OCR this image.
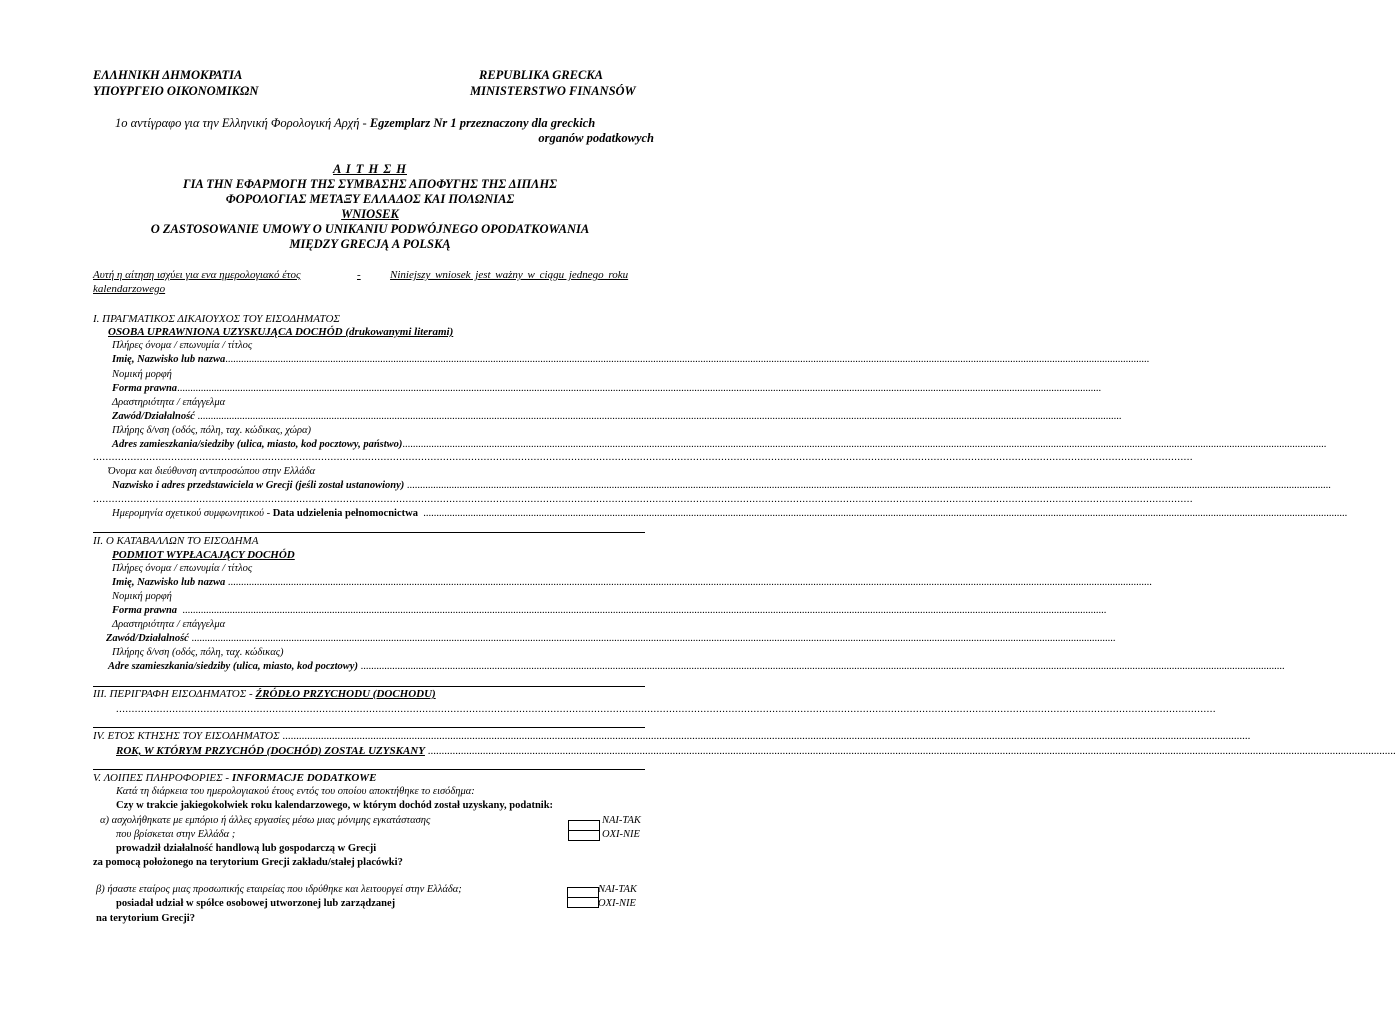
ΕΛΛΗΝΙΚΗ ΔΗΜΟΚΡΑΤΙΑ
ΥΠΟΥΡΓΕΙΟ ΟΙΚΟΝΟΜΙΚΩΝ
REPUBLIKA GRECKA
MINISTERSTWO FINANSÓW
1ο αντίγραφο για την Ελληνική Φορολογική Αρχή - Egzemplarz Nr 1 przeznaczony dla greckich
organów podatkowych
Α Ι Τ Η Σ Η
ΓΙΑ ΤΗΝ ΕΦΑΡΜΟΓΗ ΤΗΣ ΣΥΜΒΑΣΗΣ ΑΠΟΦΥΓΗΣ ΤΗΣ ΔΙΠΛΗΣ
ΦΟΡΟΛΟΓΙΑΣ ΜΕΤΑΞΥ ΕΛΛΑΔΟΣ ΚΑΙ ΠΟΛΩΝΙΑΣ
WNIOSEK
O ZASTOSOWANIE UMOWY O UNIKANIU PODWÓJNEGO OPODATKOWANIA
MIĘDZY GRECJĄ A POLSKĄ
Αυτή η αίτηση ισχύει για ενα ημερολογιακό έτος	-	Niniejszy wniosek jest ważny w ciągu jednego roku
kalendarzowego
I. ΠΡΑΓΜΑΤΙΚΟΣ ΔΙΚΑΙΟΥΧΟΣ ΤΟΥ ΕΙΣΟΔΗΜΑΤΟΣ
OSOBA UPRAWNIONA UZYSKUJĄCA DOCHÓD (drukowanymi literami)
Πλήρες όνομα / επωνυμία / τίτλος
Imię, Nazwisko lub nazwa................................................................................................................................................................................................................................................................................................................................................................
Νομική μορφή
Forma prawna................................................................................................................................................................................................................................................................................................................................................................
Δραστηριότητα / επάγγελμα
Zawód/Działalność ................................................................................................................................................................................................................................................................................................................................................................
Πλήρης δ/νση (οδός, πόλη, ταχ. κώδικας, χώρα)
Adres zamieszkania/siedziby (ulica, miasto, kod pocztowy, państwo)................................................................................................................................................................................................................................................................................................................................................................
................................................................................................................................................................................................................................................................................................................................................................
Όνομα και διεύθυνση αντιπροσώπου στην Ελλάδα
Nazwisko i adres przedstawiciela w Grecji (jeśli został ustanowiony) ................................................................................................................................................................................................................................................................................................................................................................
................................................................................................................................................................................................................................................................................................................................................................
Ημερομηνία σχετικού συμφωνητικού - Data udzielenia pełnomocnictwa ................................................................................................................................................................................................................................................................................................................................................................
II. Ο ΚΑΤΑΒΑΛΛΩΝ ΤΟ ΕΙΣΟΔΗΜΑ
PODMIOT WYPŁACAJĄCY DOCHÓD
Πλήρες όνομα / επωνυμία / τίτλος
Imię, Nazwisko lub nazwa ................................................................................................................................................................................................................................................................................................................................................................
Νομική μορφή
Forma prawna ................................................................................................................................................................................................................................................................................................................................................................
Δραστηριότητα / επάγγελμα
Zawód/Działalność ................................................................................................................................................................................................................................................................................................................................................................
Πλήρης δ/νση (οδός, πόλη, ταχ. κώδικας)
Adre szamieszkania/siedziby (ulica, miasto, kod pocztowy) ................................................................................................................................................................................................................................................................................................................................................................
III. ΠΕΡΙΓΡΑΦΗ ΕΙΣΟΔΗΜΑΤΟΣ - ŹRÓDŁO PRZYCHODU (DOCHODU)
................................................................................................................................................................................................................................................................................................................................................................
IV. ΕΤΟΣ ΚΤΗΣΗΣ ΤΟΥ ΕΙΣΟΔΗΜΑΤΟΣ ................................................................................................................................................................................................................................................................................................................................................................
ROK, W KTÓRYM PRZYCHÓD (DOCHÓD) ZOSTAŁ UZYSKANY ................................................................................................................................................................................................................................................................................................................................................................
V. ΛΟΙΠΕΣ ΠΛΗΡΟΦΟΡΙΕΣ - INFORMACJE DODATKOWE
Κατά τη διάρκεια του ημερολογιακού έτους εντός του οποίου αποκτήθηκε το εισόδημα:
Czy w trakcie jakiegokolwiek roku kalendarzowego, w którym dochód został uzyskany, podatnik:
α) ασχολήθηκατε με εμπόριο ή άλλες εργασίες μέσω μιας μόνιμης εγκατάστασης
που βρίσκεται στην Ελλάδα ;
prowadził działalność handlową lub gospodarczą w Grecji
za pomocą położonego na terytorium Grecji zakładu/stałej placówki?
NAI-TAK
OXI-NIE
β) ήσαστε εταίρος μιας προσωπικής εταιρείας που ιδρύθηκε και λειτουργεί στην Ελλάδα;
posiadał udział w spółce osobowej utworzonej lub zarządzanej
na terytorium Grecji?
NAI-TAK
OXI-NIE
